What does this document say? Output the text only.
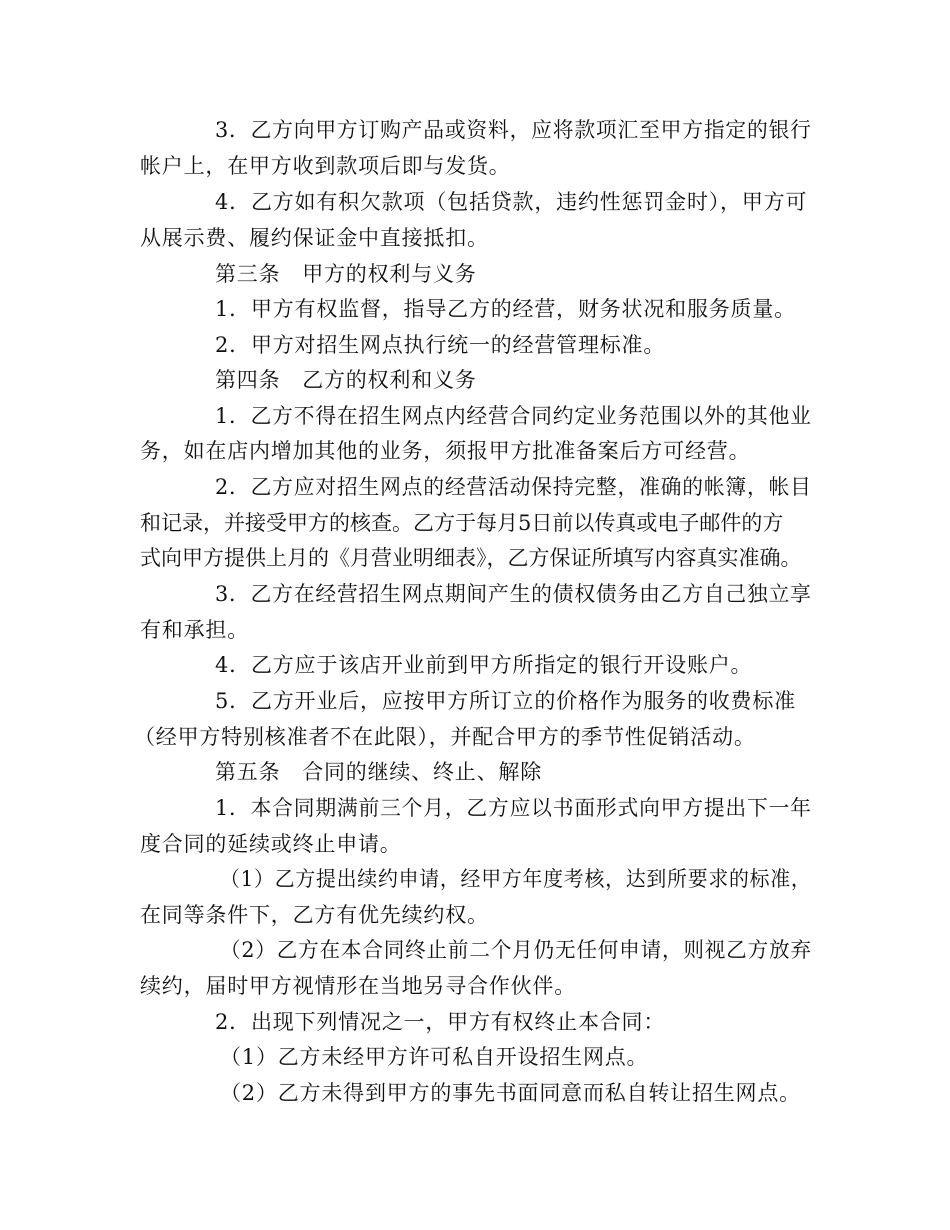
3．乙方向甲方订购产品或资料，应将款项汇至甲方指定的银行
帐户上，在甲方收到款项后即与发货。
4．乙方如有积欠款项（包括贷款，违约性惩罚金时），甲方可
从展示费、履约保证金中直接抵扣。
第三条　甲方的权利与义务
1．甲方有权监督，指导乙方的经营，财务状况和服务质量。
2．甲方对招生网点执行统一的经营管理标准。
第四条　乙方的权利和义务
1．乙方不得在招生网点内经营合同约定业务范围以外的其他业
务，如在店内增加其他的业务，须报甲方批准备案后方可经营。
2．乙方应对招生网点的经营活动保持完整，准确的帐簿，帐目
和记录，并接受甲方的核查。乙方于每月5日前以传真或电子邮件的方
式向甲方提供上月的《月营业明细表》，乙方保证所填写内容真实准确。
3．乙方在经营招生网点期间产生的债权债务由乙方自己独立享
有和承担。
4．乙方应于该店开业前到甲方所指定的银行开设账户。
5．乙方开业后，应按甲方所订立的价格作为服务的收费标准
（经甲方特别核准者不在此限），并配合甲方的季节性促销活动。
第五条　合同的继续、终止、解除
1．本合同期满前三个月，乙方应以书面形式向甲方提出下一年
度合同的延续或终止申请。
（1）乙方提出续约申请，经甲方年度考核，达到所要求的标准，
在同等条件下，乙方有优先续约权。
（2）乙方在本合同终止前二个月仍无任何申请，则视乙方放弃
续约，届时甲方视情形在当地另寻合作伙伴。
2．出现下列情况之一，甲方有权终止本合同：
（1）乙方未经甲方许可私自开设招生网点。
（2）乙方未得到甲方的事先书面同意而私自转让招生网点。
